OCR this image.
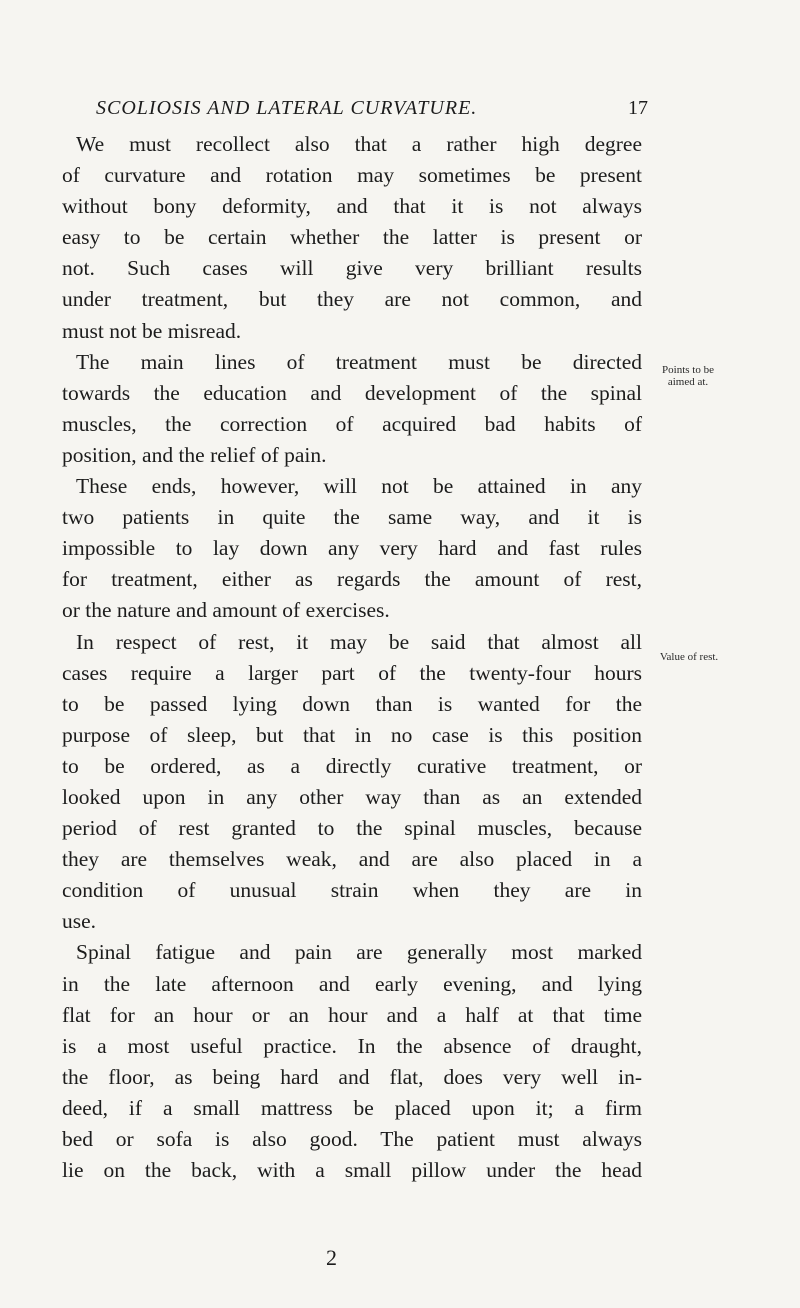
SCOLIOSIS AND LATERAL CURVATURE.	17
We must recollect also that a rather high degree
of curvature and rotation may sometimes be present
without bony deformity, and that it is not always
easy to be certain whether the latter is present or
not. Such cases will give very brilliant results
under treatment, but they are not common, and
must not be misread.
The main lines of treatment must be directed
towards the education and development of the spinal
muscles, the correction of acquired bad habits of
position, and the relief of pain.
These ends, however, will not be attained in any
two patients in quite the same way, and it is
impossible to lay down any very hard and fast rules
for treatment, either as regards the amount of rest,
or the nature and amount of exercises.
In respect of rest, it may be said that almost all
cases require a larger part of the twenty-four hours
to be passed lying down than is wanted for the
purpose of sleep, but that in no case is this position
to be ordered, as a directly curative treatment, or
looked upon in any other way than as an extended
period of rest granted to the spinal muscles, because
they are themselves weak, and are also placed in a
condition of unusual strain when they are in
use.
Spinal fatigue and pain are generally most marked
in the late afternoon and early evening, and lying
flat for an hour or an hour and a half at that time
is a most useful practice. In the absence of draught,
the floor, as being hard and flat, does very well in-
deed, if a small mattress be placed upon it; a firm
bed or sofa is also good. The patient must always
lie on the back, with a small pillow under the head
Points to be
aimed at.
Value of rest.
2
